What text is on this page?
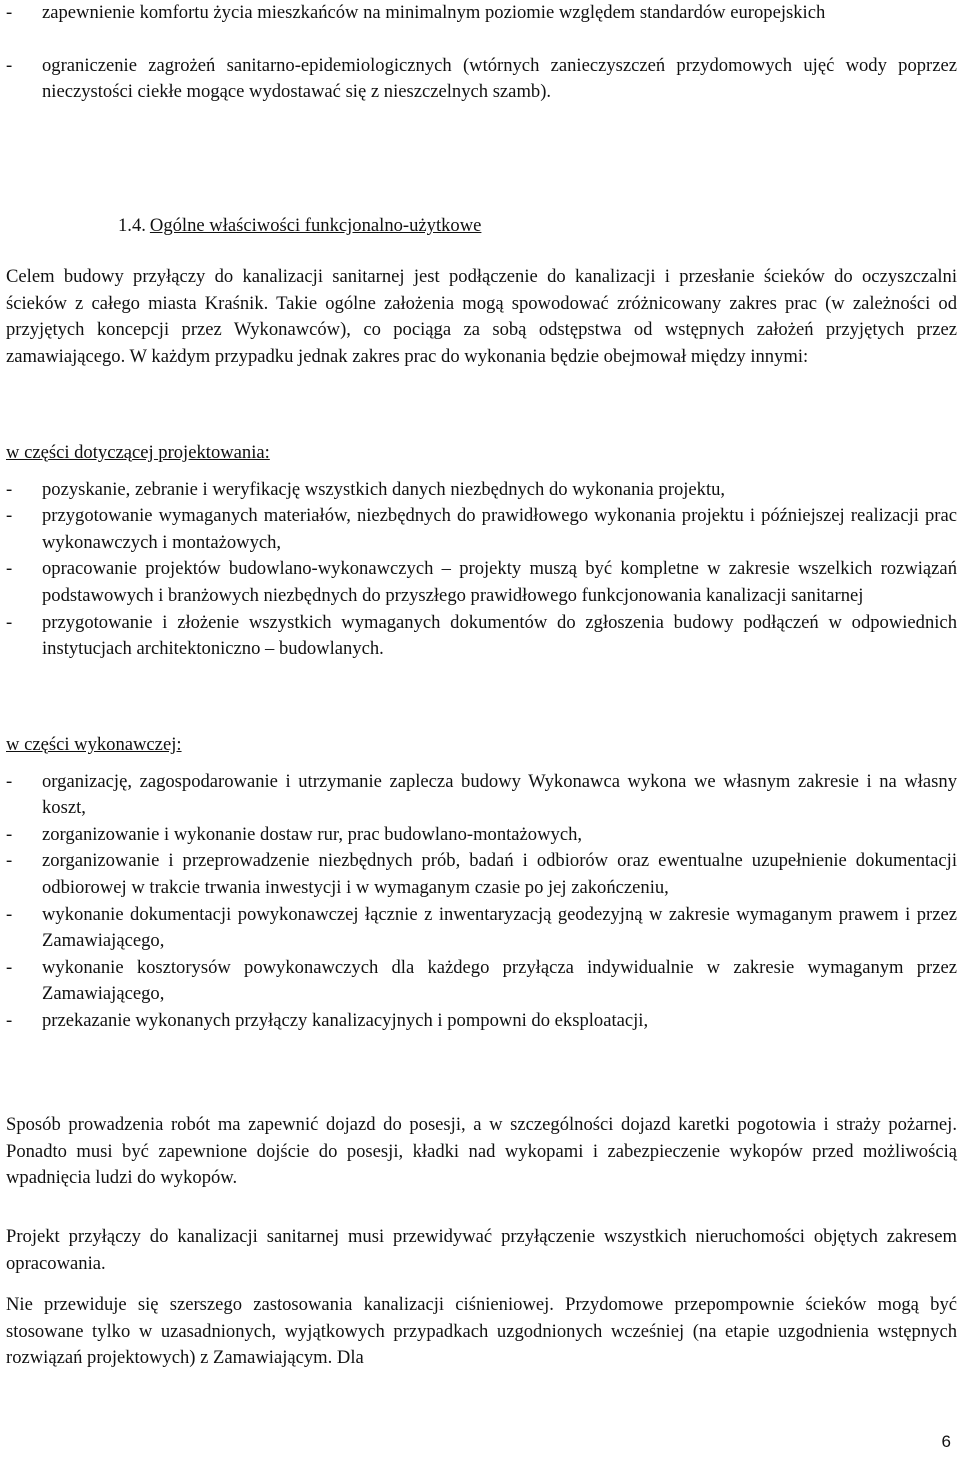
- zapewnienie komfortu życia mieszkańców na minimalnym poziomie względem standardów europejskich

- ograniczenie zagrożeń sanitarno-epidemiologicznych (wtórnych zanieczyszczeń przydomowych ujęć wody poprzez nieczystości ciekłe mogące wydostawać się z nieszczelnych szamb).

1.4. Ogólne właściwości funkcjonalno-użytkowe

Celem budowy przyłączy do kanalizacji sanitarnej jest podłączenie do kanalizacji i przesłanie ścieków do oczyszczalni ścieków z całego miasta Kraśnik. Takie ogólne założenia mogą spowodować zróżnicowany zakres prac (w zależności od przyjętych koncepcji przez Wykonawców), co pociąga za sobą odstępstwa od wstępnych założeń przyjętych przez zamawiającego. W każdym przypadku jednak zakres prac do wykonania będzie obejmował między innymi:

w części dotyczącej projektowania:

- pozyskanie, zebranie i weryfikację wszystkich danych niezbędnych do wykonania projektu,

- przygotowanie wymaganych materiałów, niezbędnych do prawidłowego wykonania projektu i późniejszej realizacji prac wykonawczych i montażowych,

- opracowanie projektów budowlano-wykonawczych – projekty muszą być kompletne w zakresie wszelkich rozwiązań podstawowych i branżowych niezbędnych do przyszłego prawidłowego funkcjonowania kanalizacji sanitarnej

- przygotowanie i złożenie wszystkich wymaganych dokumentów do zgłoszenia budowy podłączeń w odpowiednich instytucjach architektoniczno – budowlanych.

w części wykonawczej:

- organizację, zagospodarowanie i utrzymanie zaplecza budowy Wykonawca wykona we własnym zakresie i na własny koszt,

- zorganizowanie i wykonanie dostaw rur, prac budowlano-montażowych,

- zorganizowanie i przeprowadzenie niezbędnych prób, badań i odbiorów oraz ewentualne uzupełnienie dokumentacji odbiorowej w trakcie trwania inwestycji i w wymaganym czasie po jej zakończeniu,

- wykonanie dokumentacji powykonawczej łącznie z inwentaryzacją geodezyjną w zakresie wymaganym prawem i przez Zamawiającego,

- wykonanie kosztorysów powykonawczych dla każdego przyłącza indywidualnie w zakresie wymaganym przez Zamawiającego,

- przekazanie wykonanych przyłączy kanalizacyjnych i pompowni do eksploatacji,

Sposób prowadzenia robót ma zapewnić dojazd do posesji, a w szczególności dojazd karetki pogotowia i straży pożarnej. Ponadto musi być zapewnione dojście do posesji, kładki nad wykopami i zabezpieczenie wykopów przed możliwością wpadnięcia ludzi do wykopów.

Projekt przyłączy do kanalizacji sanitarnej musi przewidywać przyłączenie wszystkich nieruchomości objętych zakresem opracowania.

Nie przewiduje się szerszego zastosowania kanalizacji ciśnieniowej. Przydomowe przepompownie ścieków mogą być stosowane tylko w uzasadnionych, wyjątkowych przypadkach uzgodnionych wcześniej (na etapie uzgodnienia wstępnych rozwiązań projektowych) z Zamawiającym. Dla

6
